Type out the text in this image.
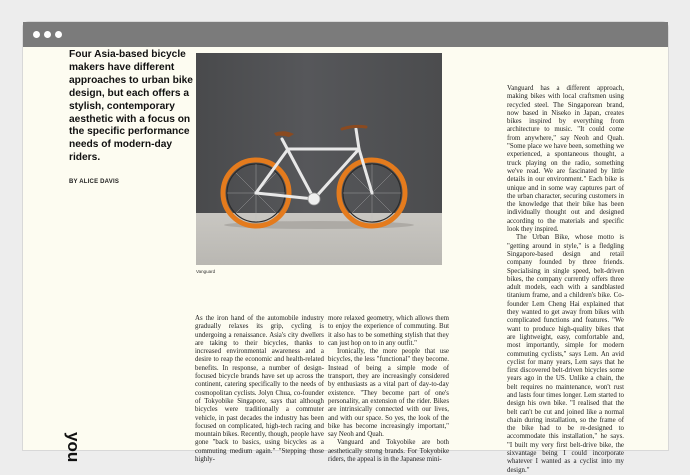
Four Asia-based bicycle makers have different approaches to urban bike design, but each offers a stylish, contemporary aesthetic with a focus on the specific performance needs of modern-day riders.

BY ALICE DAVIS

Vanguard

As the iron hand of the automobile industry gradually relaxes its grip, cycling is undergoing a renaissance. Asia's city dwellers are taking to their bicycles, thanks to increased environmental awareness and a desire to reap the economic and health-related benefits. In response, a number of design-focused bicycle brands have set up across the continent, catering specifically to the needs of cosmopolitan cyclists. Jolyn Chua, co-founder of Tokyobike Singapore, says that although bicycles were traditionally a commuter vehicle, in past decades the industry has been focused on complicated, high-tech racing and mountain bikes. Recently, though, people have gone "back to basics, using bicycles as a commuting medium again." "Stepping those highly-

more relaxed geometry, which allows them to enjoy the experience of commuting. But it also has to be something stylish that they can just hop on to in any outfit."

Ironically, the more people that use bicycles, the less "functional" they become. Instead of being a simple mode of transport, they are increasingly considered by enthusiasts as a vital part of day-to-day existence. "They become part of one's personality, an extension of the rider. Bikes are intrinsically connected with our lives, and with our space. So yes, the look of the bike has become increasingly important," say Neoh and Quah.

Vanguard and Tokyobike are both aesthetically strong brands. For Tokyobike riders, the appeal is in the Japanese mini-

Vanguard has a different approach, making bikes with local craftsmen using recycled steel. The Singaporean brand, now based in Niseko in Japan, creates bikes inspired by everything from architecture to music. "It could come from anywhere," say Neoh and Quah. "Some place we have been, something we experienced, a spontaneous thought, a truck playing on the radio, something we've read. We are fascinated by little details in our environment." Each bike is unique and in some way captures part of the urban character, securing customers in the knowledge that their bike has been individually thought out and designed according to the materials and specific look they inspired.

The Urban Bike, whose motto is "getting around in style," is a fledgling Singapore-based design and retail company founded by three friends. Specialising in single speed, belt-driven bikes, the company currently offers three adult models, each with a sandblasted titanium frame, and a children's bike. Co-founder Lem Cheng Hai explained that they wanted to get away from bikes with complicated functions and features. "We want to produce high-quality bikes that are lightweight, easy, comfortable and, most importantly, simple for modern commuting cyclists," says Lem. An avid cyclist for many years, Lem says that he first discovered belt-driven bicycles some years ago in the US. Unlike a chain, the belt requires no maintenance, won't rust and lasts four times longer. Lem started to design his own bike. "I realised that the belt can't be cut and joined like a normal chain during installation, so the frame of the bike had to be re-designed to accommodate this installation," he says. "I built my very first belt-drive bike, the sixvantage being I could incorporate whatever I wanted as a cyclist into my design."

you
